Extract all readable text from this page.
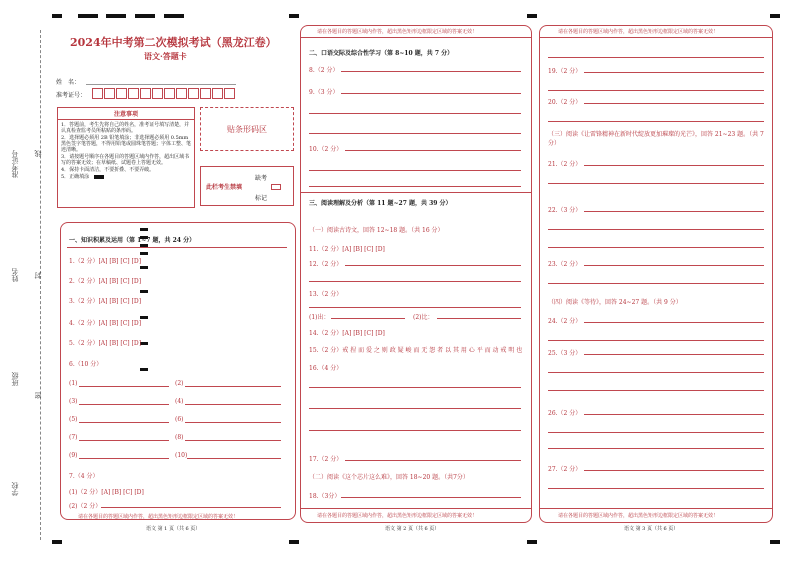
准考证号 线
姓名 封
班级
密
学校
2024年中考第二次模拟考试（黑龙江卷）
语文·答题卡
姓　名：
准考证号：
注意事项
1．答题前，考生先将自己的姓名，准考证号填写清楚，并认真检查监考员所粘贴的条形码。
2．选择题必须用 2B 铅笔填涂；非选择题必须用 0.5mm 黑色签字笔答题，不得用铅笔或圆珠笔答题；字体工整、笔迹清晰。
3．请按题号顺序在各题目的答题区域内作答，超出区域书写的答案无效；在草稿纸、试题卷上答题无效。
4．保持卡面清洁，不要折叠、不要弄破。
5．正确填涂
贴条形码区
此栏考生禁填
缺考
标记
一、知识积累及运用（第 1~7 题，共 24 分）
1.（2 分）[A] [B] [C] [D]
2.（2 分）[A] [B] [C] [D]
3.（2 分）[A] [B] [C] [D]
4.（2 分）[A] [B] [C] [D]
5.（2 分）[A] [B] [C] [D]
6.（10 分）
(1)	(2)
(3)	(4)
(5)	(6)
(7)	(8)
(9)	(10)
7.（4 分）
(1)（2 分）[A] [B] [C] [D]
(2)（2 分）
请在各题目的答题区域内作答，超出黑色矩形边框限定区域的答案无效！
语文 第 1 页（共 6 页）
请在各题目的答题区域内作答，超出黑色矩形边框限定区域的答案无效！
二、口语交际及综合性学习（第 8~10 题，共 7 分）
8.（2 分）
9.（3 分）
10.（2 分）
三、阅读理解及分析（第 11 题~27 题，共 39 分）
（一）阅读古诗文，回答 12~18 题。（共 16 分）
11.（2 分）[A] [B] [C] [D]
12.（2 分）
13.（2 分）
(1)出：	(2)比：
14.（2 分）[A] [B] [C] [D]
15.（2 分）戒 捏 而 爱 之 则 政 疑 峻 而 无 怨 者 以 其 用 心 平 而 动 戒 明 也
16.（4 分）
17.（2 分）
（二）阅读《这个芯片这么难》，回答 18~20 题。（共7分）
18.（3分）
请在各题目的答题区域内作答，超出黑色矩形边框限定区域的答案无效！
语文 第 2 页（共 6 页）
请在各题目的答题区域内作答，超出黑色矩形边框限定区域的答案无效！
19.（2 分）
20.（2 分）
（三）阅读《让雷锋精神在新时代绽放更加璀璨的光芒》，回答 21~23 题。（共 7 分）
21.（2 分）
22.（3 分）
23.（2 分）
（四）阅读《等待》，回答 24~27 题。（共 9 分）
24.（2 分）
25.（3 分）
26.（2 分）
27.（2 分）
请在各题目的答题区域内作答，超出黑色矩形边框限定区域的答案无效！
语文 第 3 页（共 6 页）
